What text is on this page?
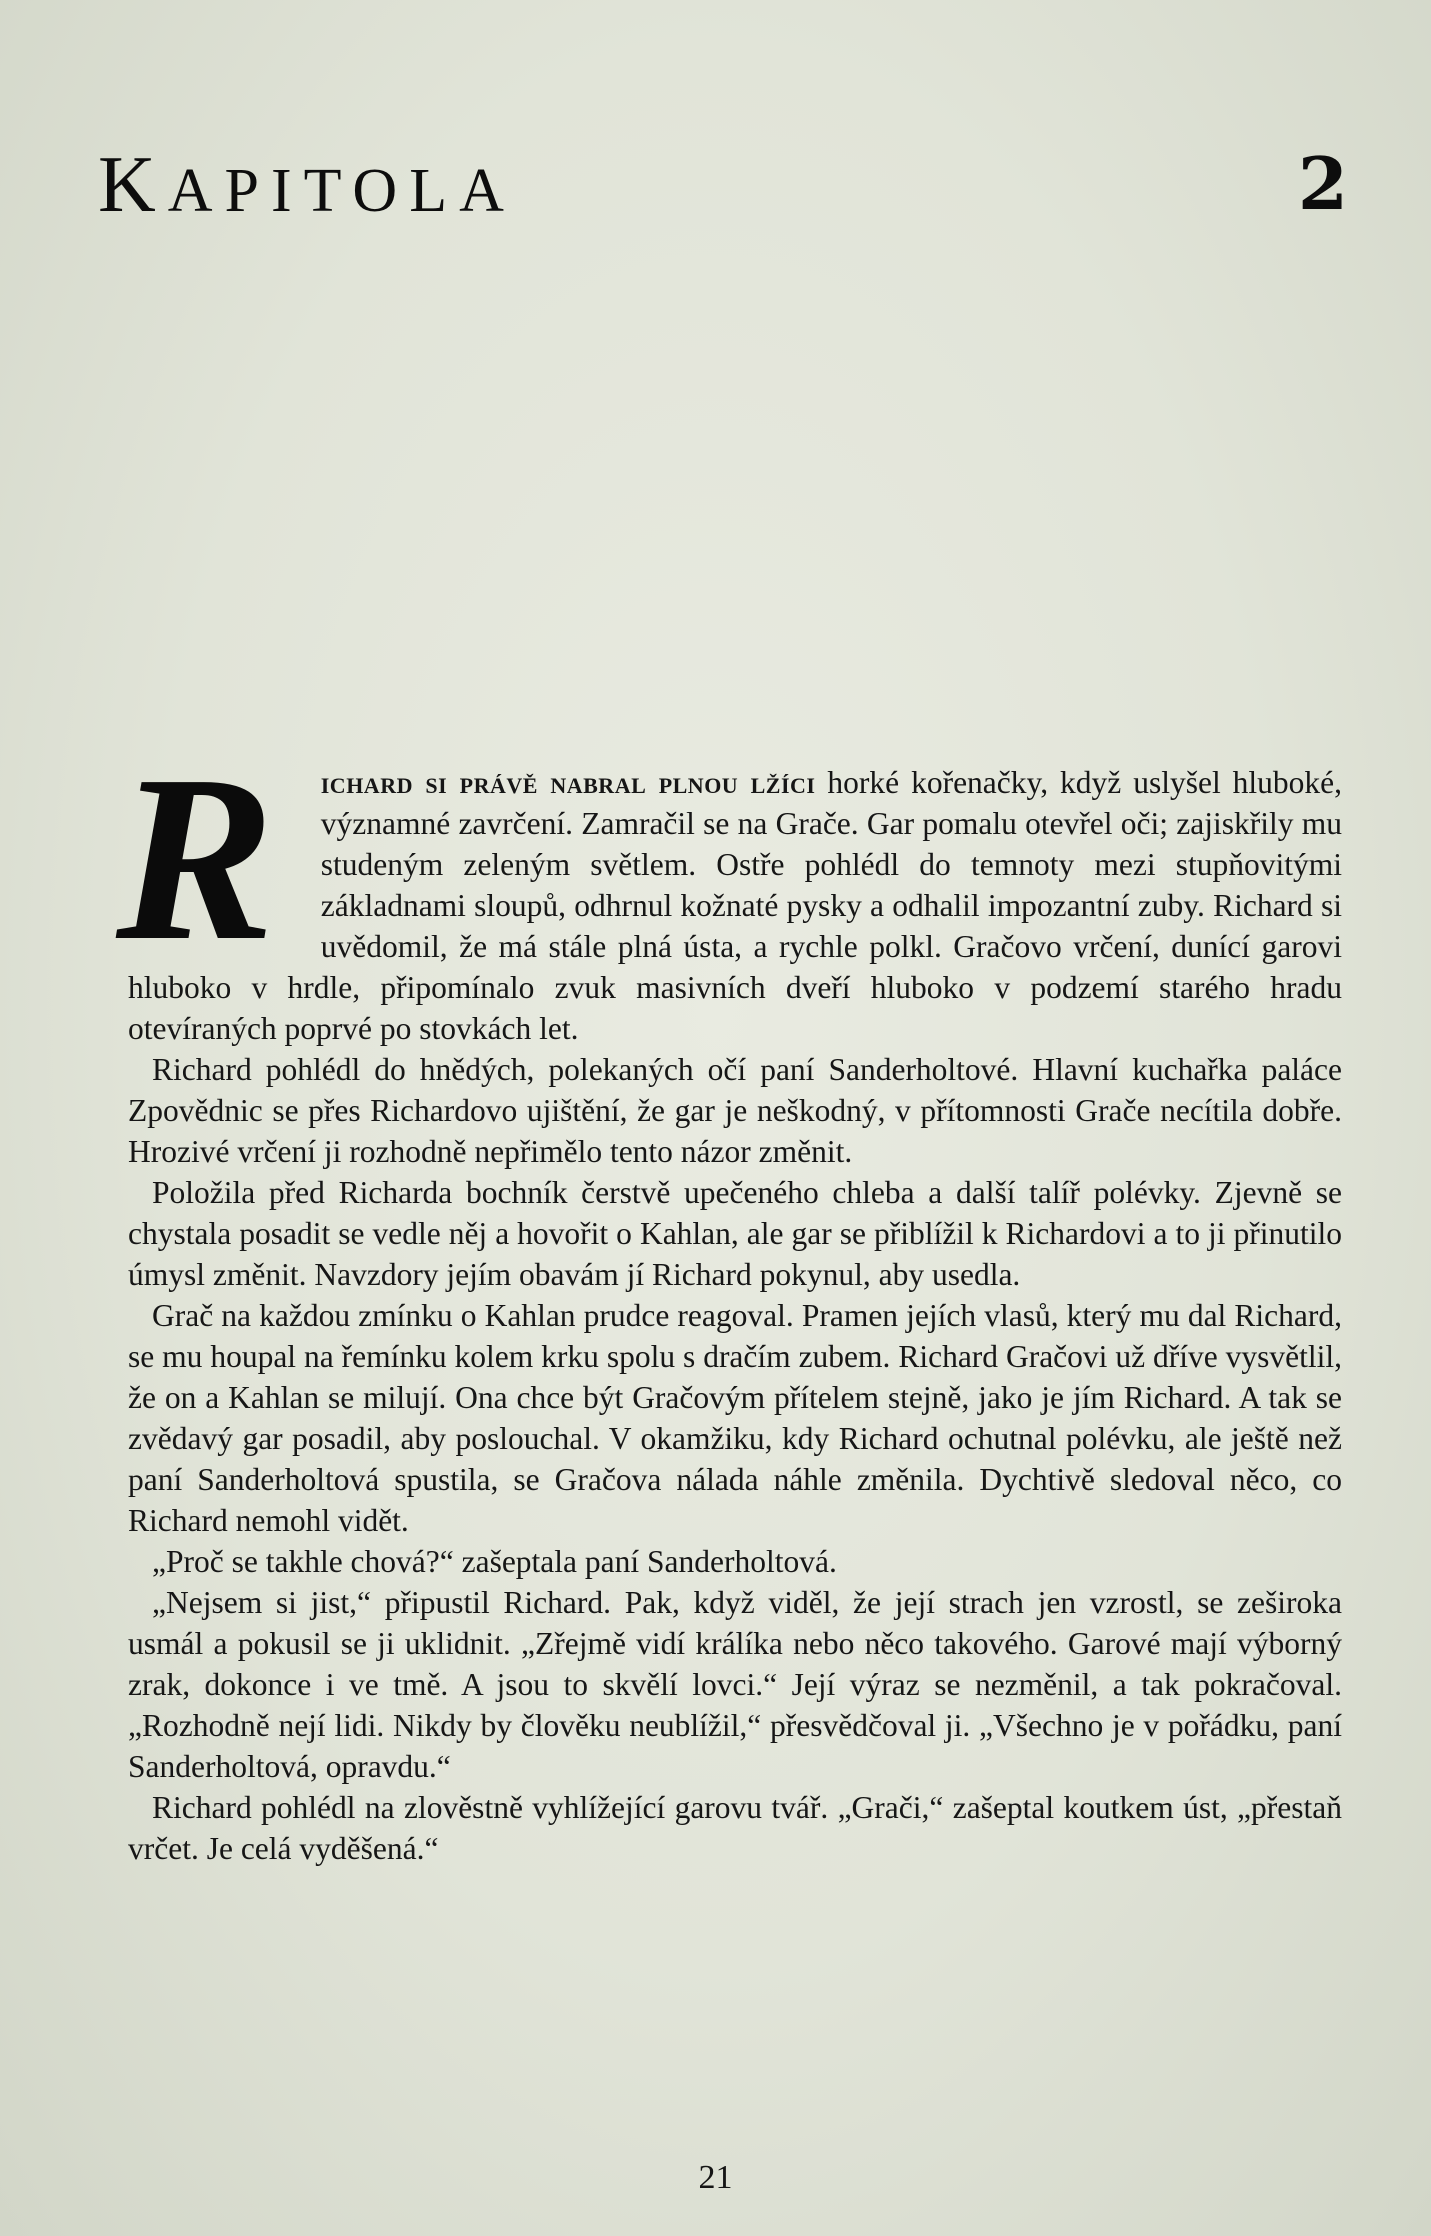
KAPITOLA	2

R ichard si právě nabral plnou lžíci horké kořenačky, když uslyšel hluboké, významné zavrčení. Zamračil se na Grače. Gar pomalu otevřel oči; zajiskřily mu studeným zeleným světlem. Ostře pohlédl do temnoty mezi stupňovitými základnami sloupů, odhrnul kožnaté pysky a odhalil impozantní zuby. Richard si uvědomil, že má stále plná ústa, a rychle polkl. Gračovo vrčení, dunící garovi hluboko v hrdle, připomínalo zvuk masivních dveří hluboko v podzemí starého hradu otevíraných poprvé po stovkách let.

Richard pohlédl do hnědých, polekaných očí paní Sanderholtové. Hlavní kuchařka paláce Zpovědnic se přes Richardovo ujištění, že gar je neškodný, v přítomnosti Grače necítila dobře. Hrozivé vrčení ji rozhodně nepřimělo tento názor změnit.

Položila před Richarda bochník čerstvě upečeného chleba a další talíř polévky. Zjevně se chystala posadit se vedle něj a hovořit o Kahlan, ale gar se přiblížil k Richardovi a to ji přinutilo úmysl změnit. Navzdory jejím obavám jí Richard pokynul, aby usedla.

Grač na každou zmínku o Kahlan prudce reagoval. Pramen jejích vlasů, který mu dal Richard, se mu houpal na řemínku kolem krku spolu s dračím zubem. Richard Gračovi už dříve vysvětlil, že on a Kahlan se milují. Ona chce být Gračovým přítelem stejně, jako je jím Richard. A tak se zvědavý gar posadil, aby poslouchal. V okamžiku, kdy Richard ochutnal polévku, ale ještě než paní Sanderholtová spustila, se Gračova nálada náhle změnila. Dychtivě sledoval něco, co Richard nemohl vidět.

„Proč se takhle chová?“ zašeptala paní Sanderholtová.

„Nejsem si jist,“ připustil Richard. Pak, když viděl, že její strach jen vzrostl, se zeširoka usmál a pokusil se ji uklidnit. „Zřejmě vidí králíka nebo něco takového. Garové mají výborný zrak, dokonce i ve tmě. A jsou to skvělí lovci.“ Její výraz se nezměnil, a tak pokračoval. „Rozhodně nejí lidi. Nikdy by člověku neublížil,“ přesvědčoval ji. „Všechno je v pořádku, paní Sanderholtová, opravdu.“

Richard pohlédl na zlověstně vyhlížející garovu tvář. „Grači,“ zašeptal koutkem úst, „přestaň vrčet. Je celá vyděšená.“

21
